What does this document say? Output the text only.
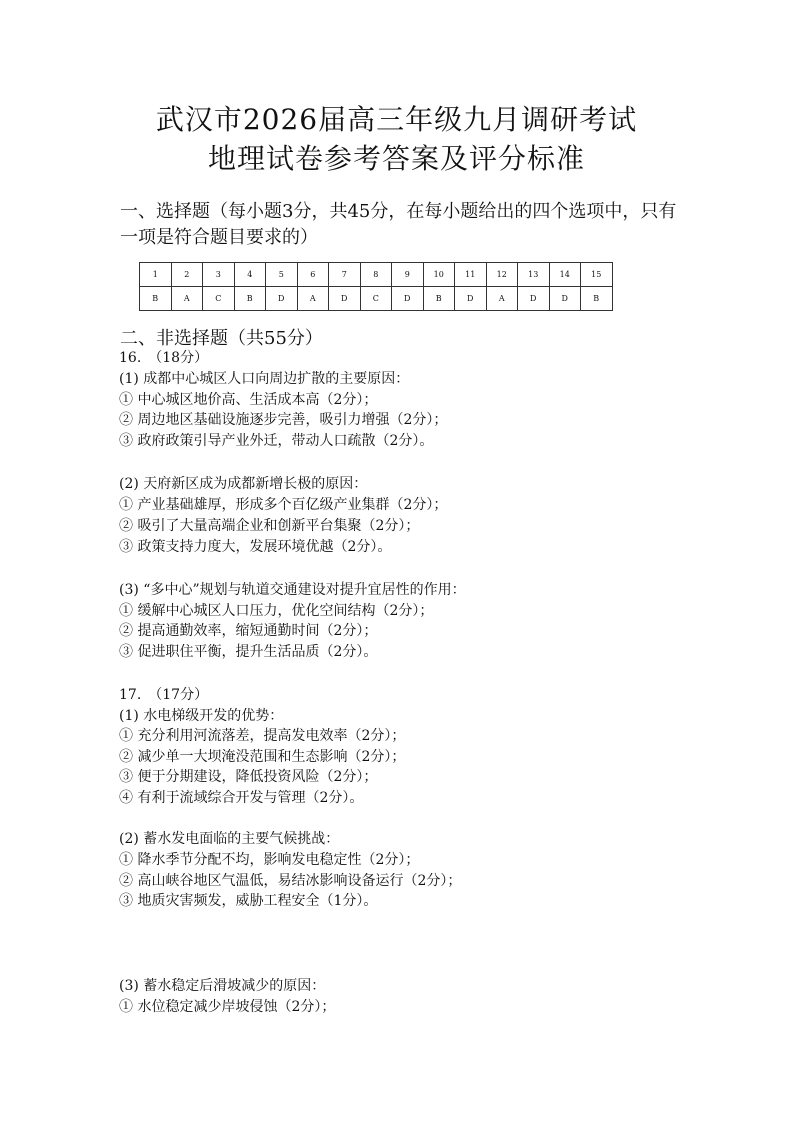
武汉市2026届高三年级九月调研考试
地理试卷参考答案及评分标准
一、选择题（每小题3分，共45分，在每小题给出的四个选项中，只有一项是符合题目要求的）
1	2	3	4	5	6	7	8	9	10	11	12	13	14	15
B	A	C	B	D	A	D	C	D	B	D	A	D	D	B
二、非选择题（共55分）
16.　（18分）
(1) 成都中心城区人口向周边扩散的主要原因：
① 中心城区地价高、生活成本高（2分）；
② 周边地区基础设施逐步完善，吸引力增强（2分）；
③ 政府政策引导产业外迁，带动人口疏散（2分）。
(2) 天府新区成为成都新增长极的原因：
① 产业基础雄厚，形成多个百亿级产业集群（2分）；
② 吸引了大量高端企业和创新平台集聚（2分）；
③ 政策支持力度大，发展环境优越（2分）。
(3) “多中心”规划与轨道交通建设对提升宜居性的作用：
① 缓解中心城区人口压力，优化空间结构（2分）；
② 提高通勤效率，缩短通勤时间（2分）；
③ 促进职住平衡，提升生活品质（2分）。
17.　（17分）
(1) 水电梯级开发的优势：
① 充分利用河流落差，提高发电效率（2分）；
② 减少单一大坝淹没范围和生态影响（2分）；
③ 便于分期建设，降低投资风险（2分）；
④ 有利于流域综合开发与管理（2分）。
(2) 蓄水发电面临的主要气候挑战：
① 降水季节分配不均，影响发电稳定性（2分）；
② 高山峡谷地区气温低，易结冰影响设备运行（2分）；
③ 地质灾害频发，威胁工程安全（1分）。
(3) 蓄水稳定后滑坡减少的原因：
① 水位稳定减少岸坡侵蚀（2分）；
